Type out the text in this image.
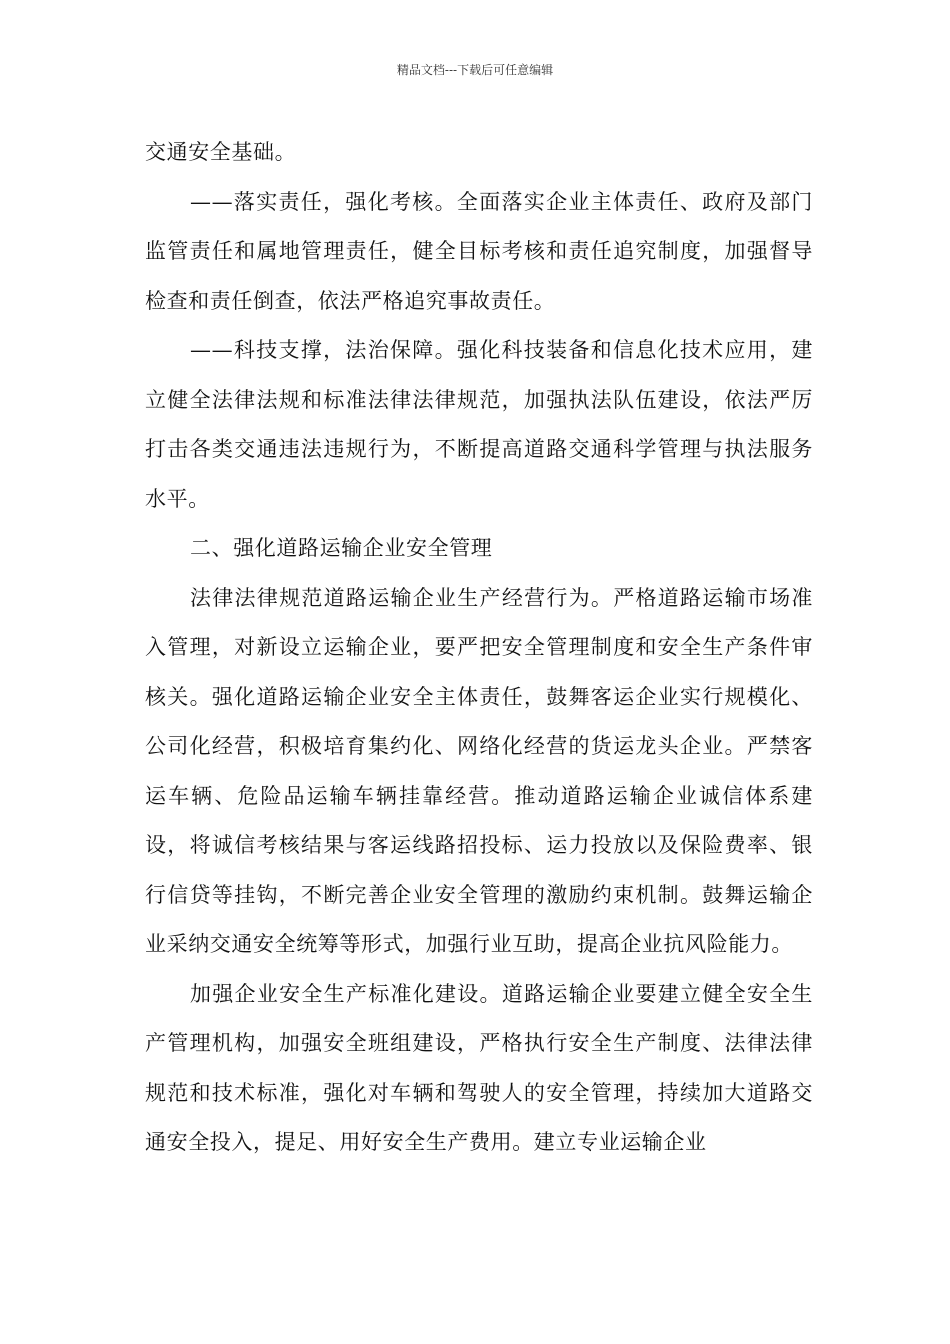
精品文档---下载后可任意编辑

交通安全基础。

——落实责任，强化考核。全面落实企业主体责任、政府及部门监管责任和属地管理责任，健全目标考核和责任追究制度，加强督导检查和责任倒查，依法严格追究事故责任。

——科技支撑，法治保障。强化科技装备和信息化技术应用，建立健全法律法规和标准法律法律规范，加强执法队伍建设，依法严厉打击各类交通违法违规行为，不断提高道路交通科学管理与执法服务水平。

二、强化道路运输企业安全管理

法律法律规范道路运输企业生产经营行为。严格道路运输市场准入管理，对新设立运输企业，要严把安全管理制度和安全生产条件审核关。强化道路运输企业安全主体责任，鼓舞客运企业实行规模化、公司化经营，积极培育集约化、网络化经营的货运龙头企业。严禁客运车辆、危险品运输车辆挂靠经营。推动道路运输企业诚信体系建设，将诚信考核结果与客运线路招投标、运力投放以及保险费率、银行信贷等挂钩，不断完善企业安全管理的激励约束机制。鼓舞运输企业采纳交通安全统筹等形式，加强行业互助，提高企业抗风险能力。

加强企业安全生产标准化建设。道路运输企业要建立健全安全生产管理机构，加强安全班组建设，严格执行安全生产制度、法律法律规范和技术标准，强化对车辆和驾驶人的安全管理，持续加大道路交通安全投入，提足、用好安全生产费用。建立专业运输企业
